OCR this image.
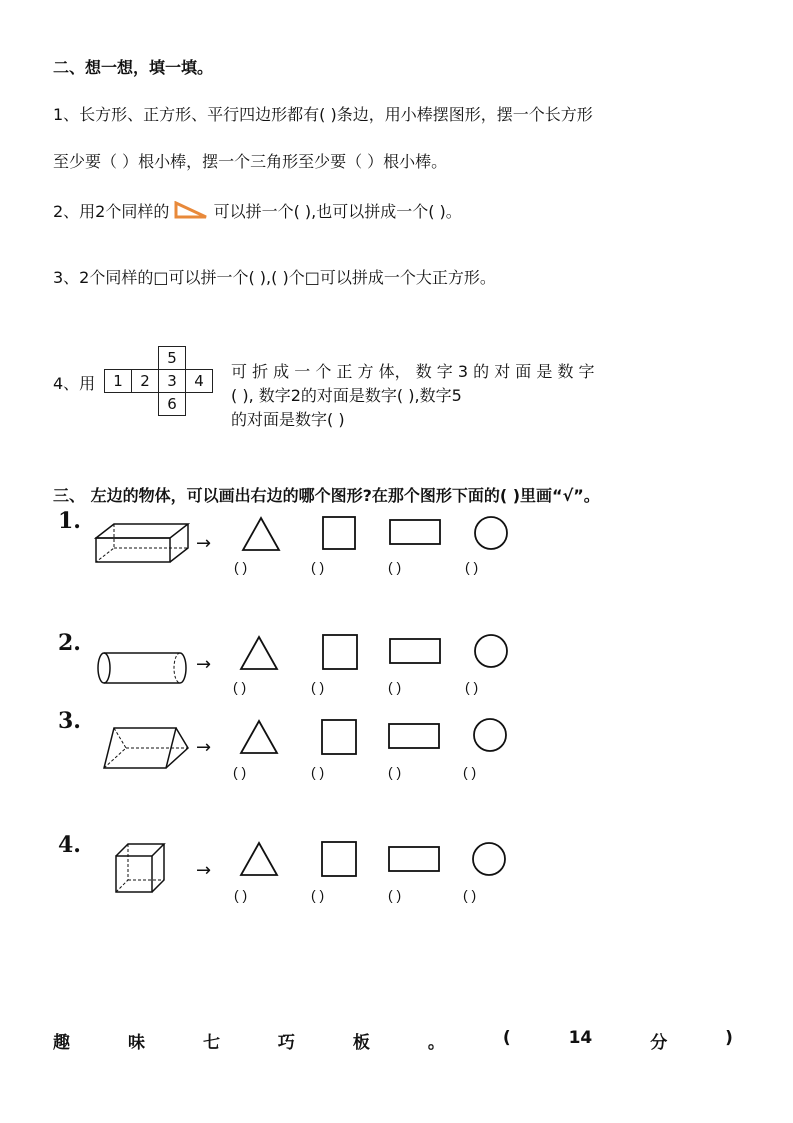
二、想一想，填一填。
1、长方形、正方形、平行四边形都有( )条边，用小棒摆图形，摆一个长方形
至少要（ ）根小棒，摆一个三角形至少要（ ）根小棒。
2、用2个同样的	可以拼一个( ),也可以拼成一个( )。
3、2个同样的□可以拼一个( ),( )个□可以拼成一个大正方形。
4、用
		5	
1	2	3	4
		6	
可 折 成 一 个 正 方 体， 数 字 3 的 对 面 是 数 字
( ), 数字2的对面是数字( ),数字5
的对面是数字( )
三、 左边的物体，可以画出右边的哪个图形?在那个图形下面的( )里画“√”。
1.
2.
3.
4.
→
→
→
→
( )	( )	( )	( )
( )	( )	( )	( )
( )	( )	( )	( )
( )	( )	( )	( )
趣	味	七	巧	板	。	(	14	分	)
